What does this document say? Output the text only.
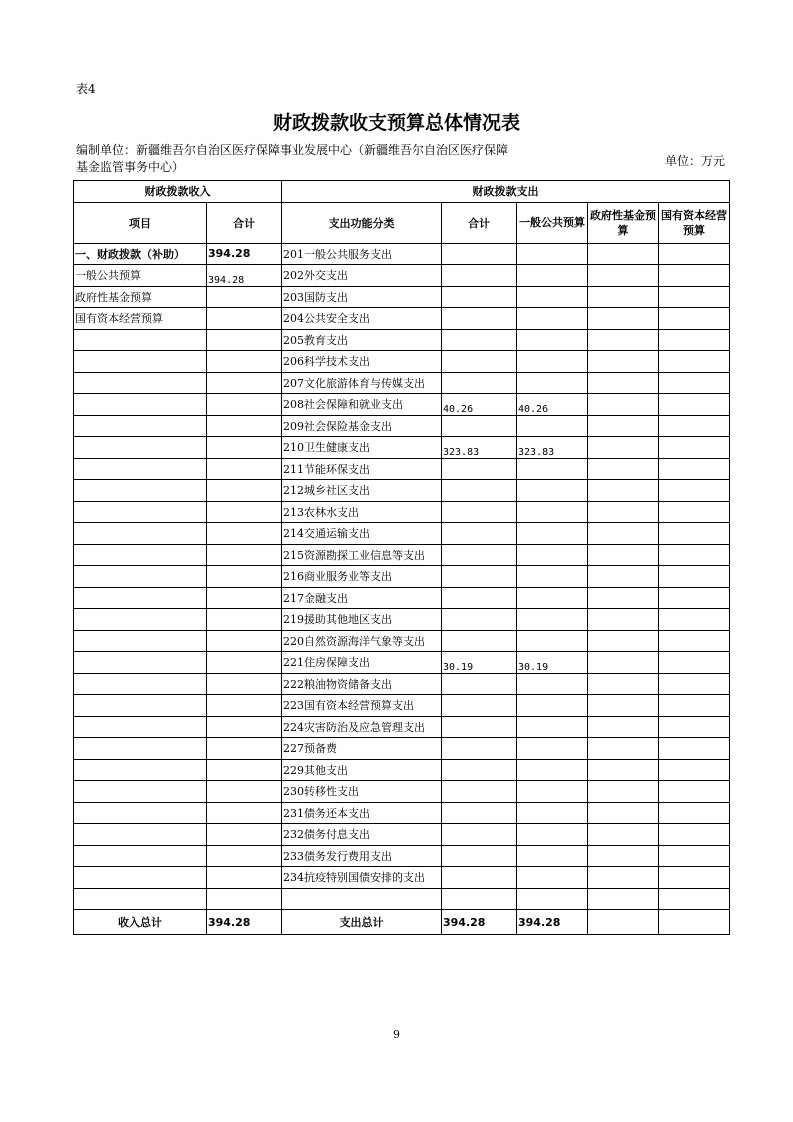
表4
财政拨款收支预算总体情况表
编制单位：新疆维吾尔自治区医疗保障事业发展中心（新疆维吾尔自治区医疗保障基金监管事务中心）	单位：万元
财政拨款收入		财政拨款支出				
项目	合计	支出功能分类	合计	一般公共预算	政府性基金预算	国有资本经营预算
一、财政拨款（补助）	394.28	201一般公共服务支出				
一般公共预算	394.28	202外交支出				
政府性基金预算		203国防支出				
国有资本经营预算		204公共安全支出				
		205教育支出				
		206科学技术支出				
		207文化旅游体育与传媒支出				
		208社会保障和就业支出	40.26	40.26		
		209社会保险基金支出				
		210卫生健康支出	323.83	323.83		
		211节能环保支出				
		212城乡社区支出				
		213农林水支出				
		214交通运输支出				
		215资源勘探工业信息等支出				
		216商业服务业等支出				
		217金融支出				
		219援助其他地区支出				
		220自然资源海洋气象等支出				
		221住房保障支出	30.19	30.19		
		222粮油物资储备支出				
		223国有资本经营预算支出				
		224灾害防治及应急管理支出				
		227预备费				
		229其他支出				
		230转移性支出				
		231债务还本支出				
		232债务付息支出				
		233债务发行费用支出				
		234抗疫特别国债安排的支出				

收入总计	394.28	支出总计	394.28	394.28		
9
